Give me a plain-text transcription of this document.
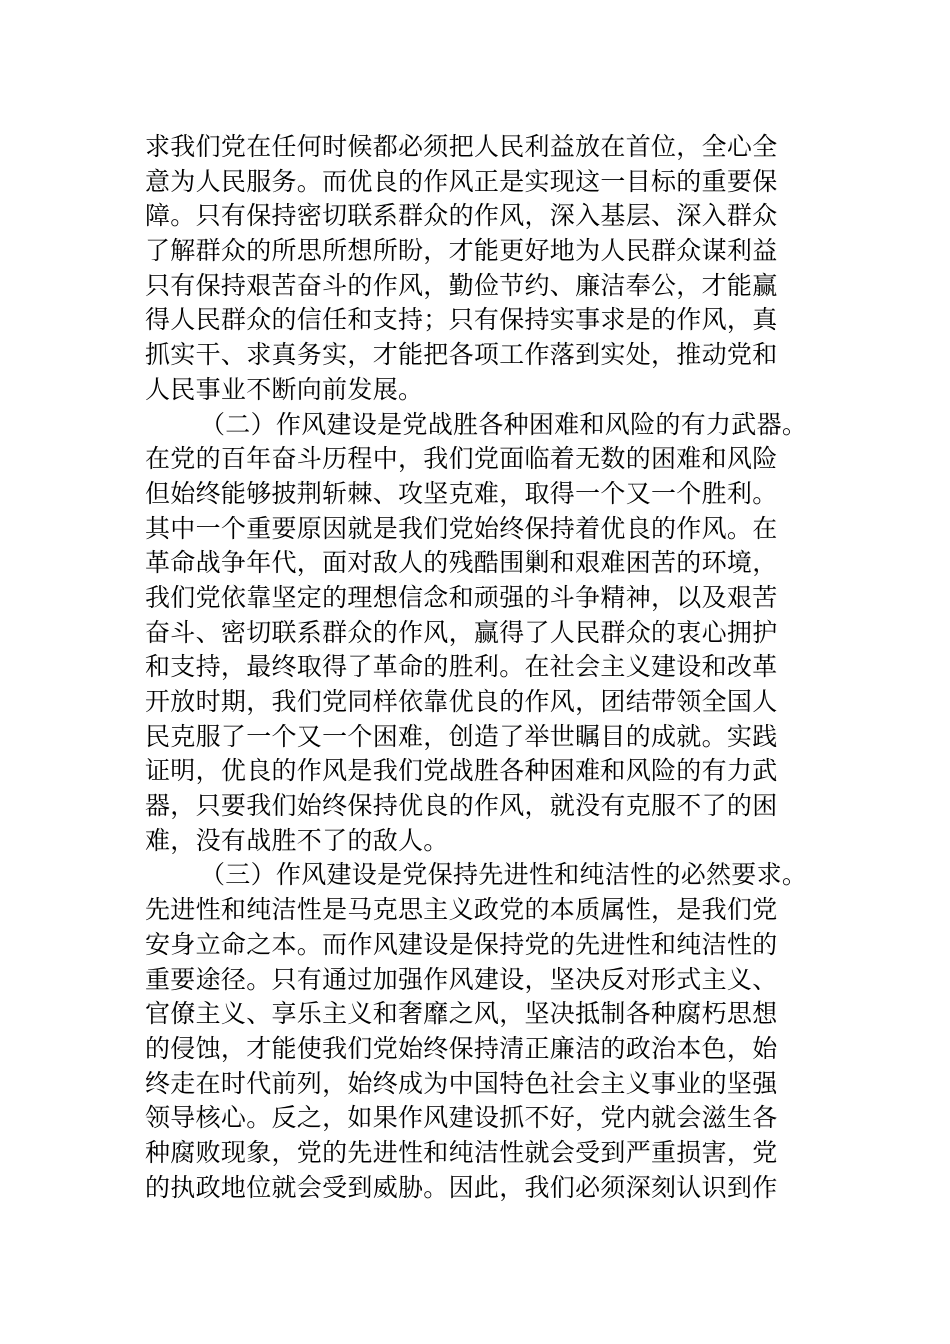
求我们党在任何时候都必须把人民利益放在首位，全心全
意为人民服务。而优良的作风正是实现这一目标的重要保
障。只有保持密切联系群众的作风，深入基层、深入群众
了解群众的所思所想所盼，才能更好地为人民群众谋利益
只有保持艰苦奋斗的作风，勤俭节约、廉洁奉公，才能赢
得人民群众的信任和支持；只有保持实事求是的作风，真
抓实干、求真务实，才能把各项工作落到实处，推动党和
人民事业不断向前发展。
（二）作风建设是党战胜各种困难和风险的有力武器。
在党的百年奋斗历程中，我们党面临着无数的困难和风险
但始终能够披荆斩棘、攻坚克难，取得一个又一个胜利。
其中一个重要原因就是我们党始终保持着优良的作风。在
革命战争年代，面对敌人的残酷围剿和艰难困苦的环境，
我们党依靠坚定的理想信念和顽强的斗争精神，以及艰苦
奋斗、密切联系群众的作风，赢得了人民群众的衷心拥护
和支持，最终取得了革命的胜利。在社会主义建设和改革
开放时期，我们党同样依靠优良的作风，团结带领全国人
民克服了一个又一个困难，创造了举世瞩目的成就。实践
证明，优良的作风是我们党战胜各种困难和风险的有力武
器，只要我们始终保持优良的作风，就没有克服不了的困
难，没有战胜不了的敌人。
（三）作风建设是党保持先进性和纯洁性的必然要求。
先进性和纯洁性是马克思主义政党的本质属性，是我们党
安身立命之本。而作风建设是保持党的先进性和纯洁性的
重要途径。只有通过加强作风建设，坚决反对形式主义、
官僚主义、享乐主义和奢靡之风，坚决抵制各种腐朽思想
的侵蚀，才能使我们党始终保持清正廉洁的政治本色，始
终走在时代前列，始终成为中国特色社会主义事业的坚强
领导核心。反之，如果作风建设抓不好，党内就会滋生各
种腐败现象，党的先进性和纯洁性就会受到严重损害，党
的执政地位就会受到威胁。因此，我们必须深刻认识到作
